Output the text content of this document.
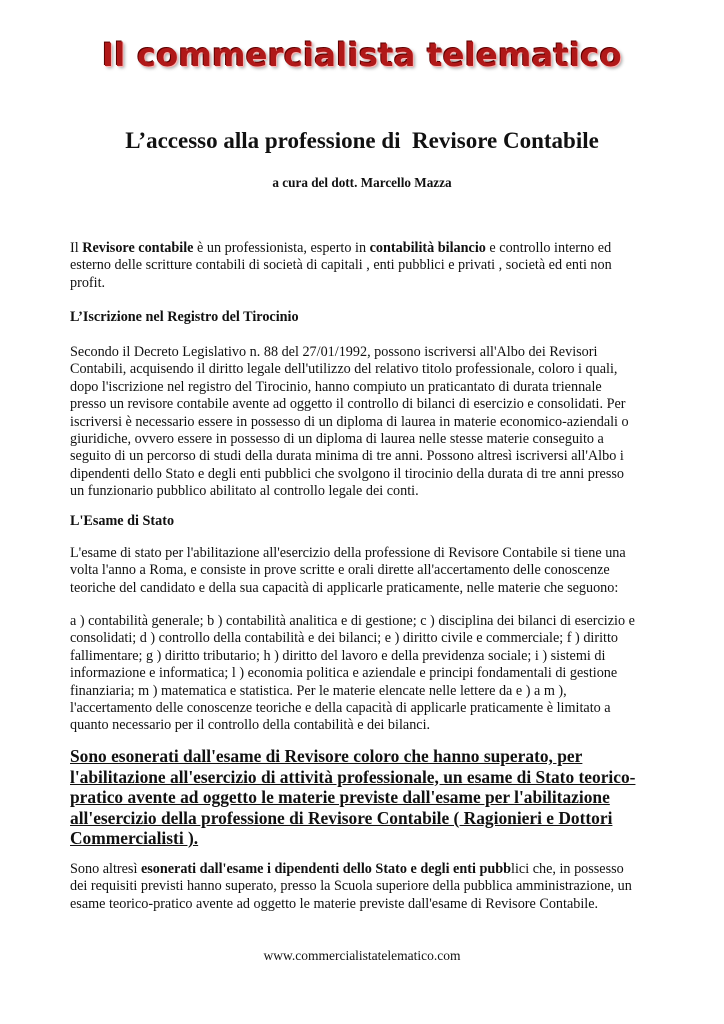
Il commercialista telematico
L’accesso alla professione di  Revisore Contabile
a cura del dott. Marcello Mazza
Il Revisore contabile è un professionista, esperto in contabilità bilancio e controllo interno ed
esterno delle scritture contabili di società di capitali , enti pubblici e privati , società ed enti non
profit.
L’Iscrizione nel Registro del Tirocinio
Secondo il Decreto Legislativo n. 88 del 27/01/1992, possono iscriversi all'Albo dei Revisori
Contabili, acquisendo il diritto legale dell'utilizzo del relativo titolo professionale, coloro i quali,
dopo l'iscrizione nel registro del Tirocinio, hanno compiuto un praticantato di durata triennale
presso un revisore contabile avente ad oggetto il controllo di bilanci di esercizio e consolidati. Per
iscriversi è necessario essere in possesso di un diploma di laurea in materie economico-aziendali o
giuridiche, ovvero essere in possesso di un diploma di laurea nelle stesse materie conseguito a
seguito di un percorso di studi della durata minima di tre anni. Possono altresì iscriversi all'Albo i
dipendenti dello Stato e degli enti pubblici che svolgono il tirocinio della durata di tre anni presso
un funzionario pubblico abilitato al controllo legale dei conti.
L'Esame di Stato
L'esame di stato per l'abilitazione all'esercizio della professione di Revisore Contabile si tiene una
volta l'anno a Roma, e consiste in prove scritte e orali dirette all'accertamento delle conoscenze
teoriche del candidato e della sua capacità di applicarle praticamente, nelle materie che seguono:
a ) contabilità generale; b ) contabilità analitica e di gestione; c ) disciplina dei bilanci di esercizio e
consolidati; d ) controllo della contabilità e dei bilanci; e ) diritto civile e commerciale; f ) diritto
fallimentare; g ) diritto tributario; h ) diritto del lavoro e della previdenza sociale; i ) sistemi di
informazione e informatica; l ) economia politica e aziendale e principi fondamentali di gestione
finanziaria; m ) matematica e statistica. Per le materie elencate nelle lettere da e ) a m ),
l'accertamento delle conoscenze teoriche e della capacità di applicarle praticamente è limitato a
quanto necessario per il controllo della contabilità e dei bilanci.
Sono esonerati dall'esame di Revisore coloro che hanno superato, per
l'abilitazione all'esercizio di attività professionale, un esame di Stato teorico-
pratico avente ad oggetto le materie previste dall'esame per l'abilitazione
all'esercizio della professione di Revisore Contabile ( Ragionieri e Dottori
Commercialisti ).
Sono altresì esonerati dall'esame i dipendenti dello Stato e degli enti pubblici che, in possesso
dei requisiti previsti hanno superato, presso la Scuola superiore della pubblica amministrazione, un
esame teorico-pratico avente ad oggetto le materie previste dall'esame di Revisore Contabile.
www.commercialistatelematico.com
